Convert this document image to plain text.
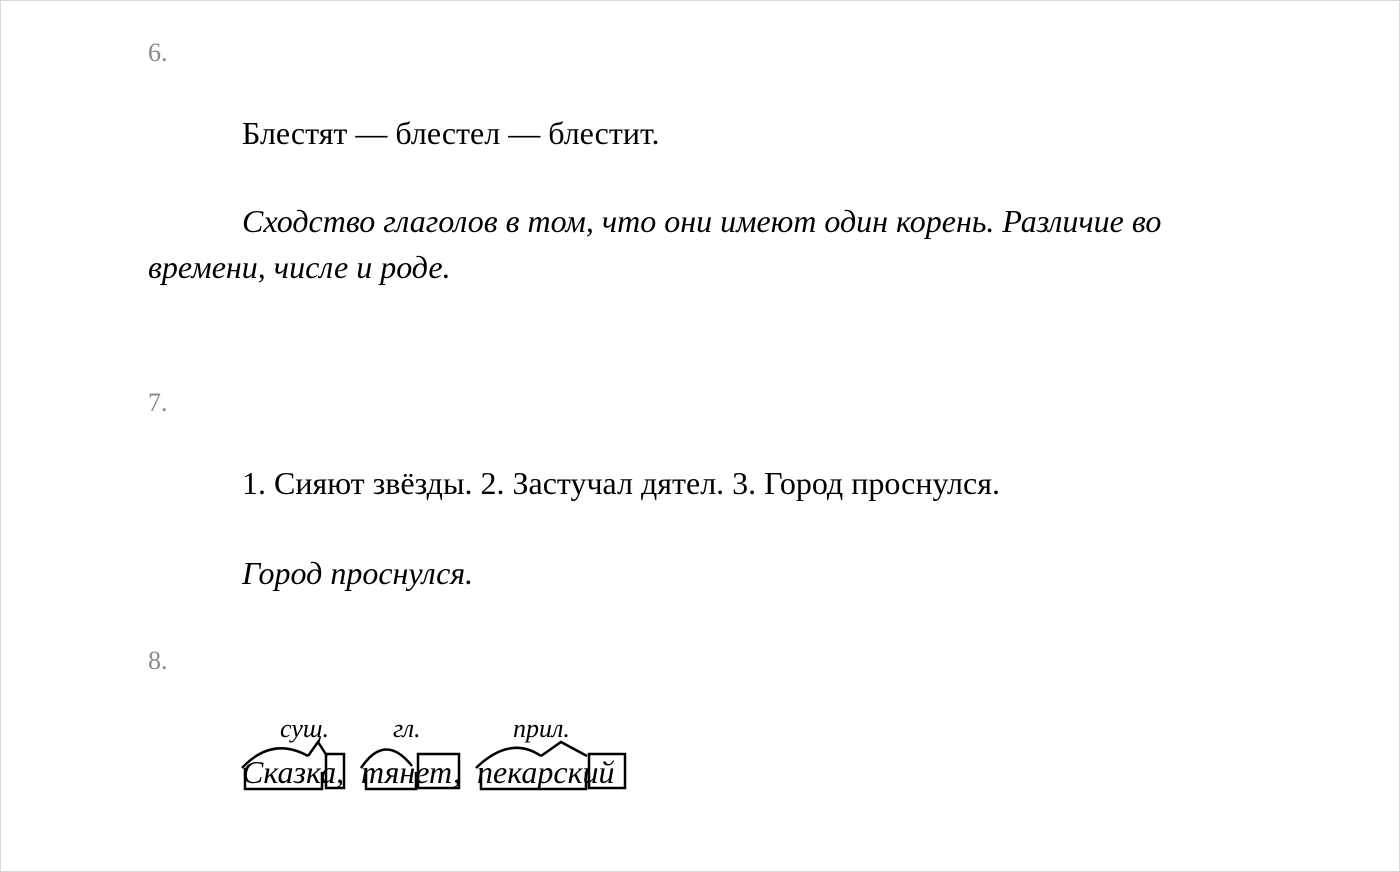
6.
Блестят — блестел — блестит.
Сходство глаголов в том, что они имеют один корень. Различие во времени, числе и роде.
7.
1. Сияют звёзды. 2. Застучал дятел. 3. Город проснулся.
Город проснулся.
8.
сущ. гл.	прил.
Сказка, тянет, пекарский
